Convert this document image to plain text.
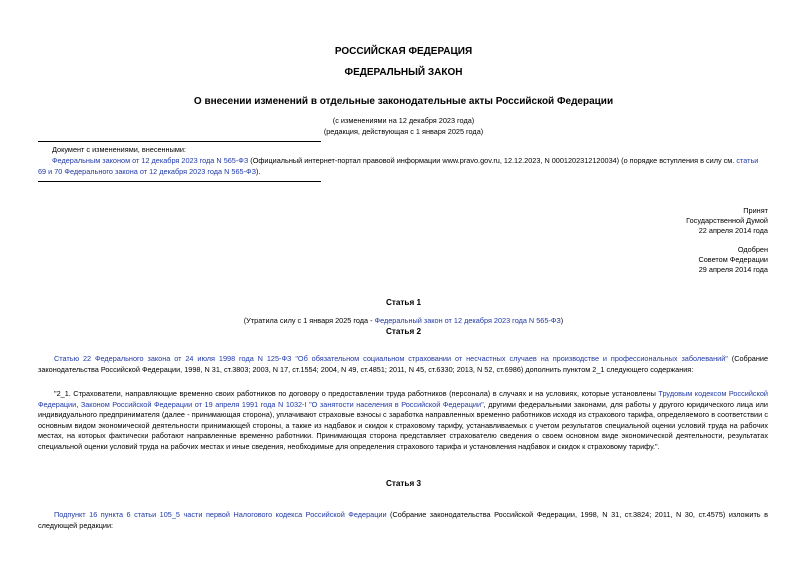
РОССИЙСКАЯ ФЕДЕРАЦИЯ
ФЕДЕРАЛЬНЫЙ ЗАКОН
О внесении изменений в отдельные законодательные акты Российской Федерации
(с изменениями на 12 декабря 2023 года)
(редакция, действующая с 1 января 2025 года)
Документ с изменениями, внесенными:
Федеральным законом от 12 декабря 2023 года N 565-ФЗ (Официальный интернет-портал правовой информации www.pravo.gov.ru, 12.12.2023, N 0001202312120034) (о порядке вступления в силу см. статьи 69 и 70 Федерального закона от 12 декабря 2023 года N 565-ФЗ).
Принят
Государственной Думой
22 апреля 2014 года
Одобрен
Советом Федерации
29 апреля 2014 года
Статья 1
(Утратила силу с 1 января 2025 года - Федеральный закон от 12 декабря 2023 года N 565-ФЗ)
Статья 2
Статью 22 Федерального закона от 24 июля 1998 года N 125-ФЗ "Об обязательном социальном страховании от несчастных случаев на производстве и профессиональных заболеваний" (Собрание законодательства Российской Федерации, 1998, N 31, ст.3803; 2003, N 17, ст.1554; 2004, N 49, ст.4851; 2011, N 45, ст.6330; 2013, N 52, ст.6986) дополнить пунктом 2_1 следующего содержания:
"2_1. Страхователи, направляющие временно своих работников по договору о предоставлении труда работников (персонала) в случаях и на условиях, которые установлены Трудовым кодексом Российской Федерации, Законом Российской Федерации от 19 апреля 1991 года N 1032-I "О занятости населения в Российской Федерации", другими федеральными законами, для работы у другого юридического лица или индивидуального предпринимателя (далее - принимающая сторона), уплачивают страховые взносы с заработка направленных временно работников исходя из страхового тарифа, определяемого в соответствии с основным видом экономической деятельности принимающей стороны, а также из надбавок и скидок к страховому тарифу, устанавливаемых с учетом результатов специальной оценки условий труда на рабочих местах, на которых фактически работают направленные временно работники. Принимающая сторона представляет страхователю сведения о своем основном виде экономической деятельности, результатах специальной оценки условий труда на рабочих местах и иные сведения, необходимые для определения страхового тарифа и установления надбавок и скидок к страховому тарифу.".
Статья 3
Подпункт 16 пункта 6 статьи 105_5 части первой Налогового кодекса Российской Федерации (Собрание законодательства Российской Федерации, 1998, N 31, ст.3824; 2011, N 30, ст.4575) изложить в следующей редакции:
